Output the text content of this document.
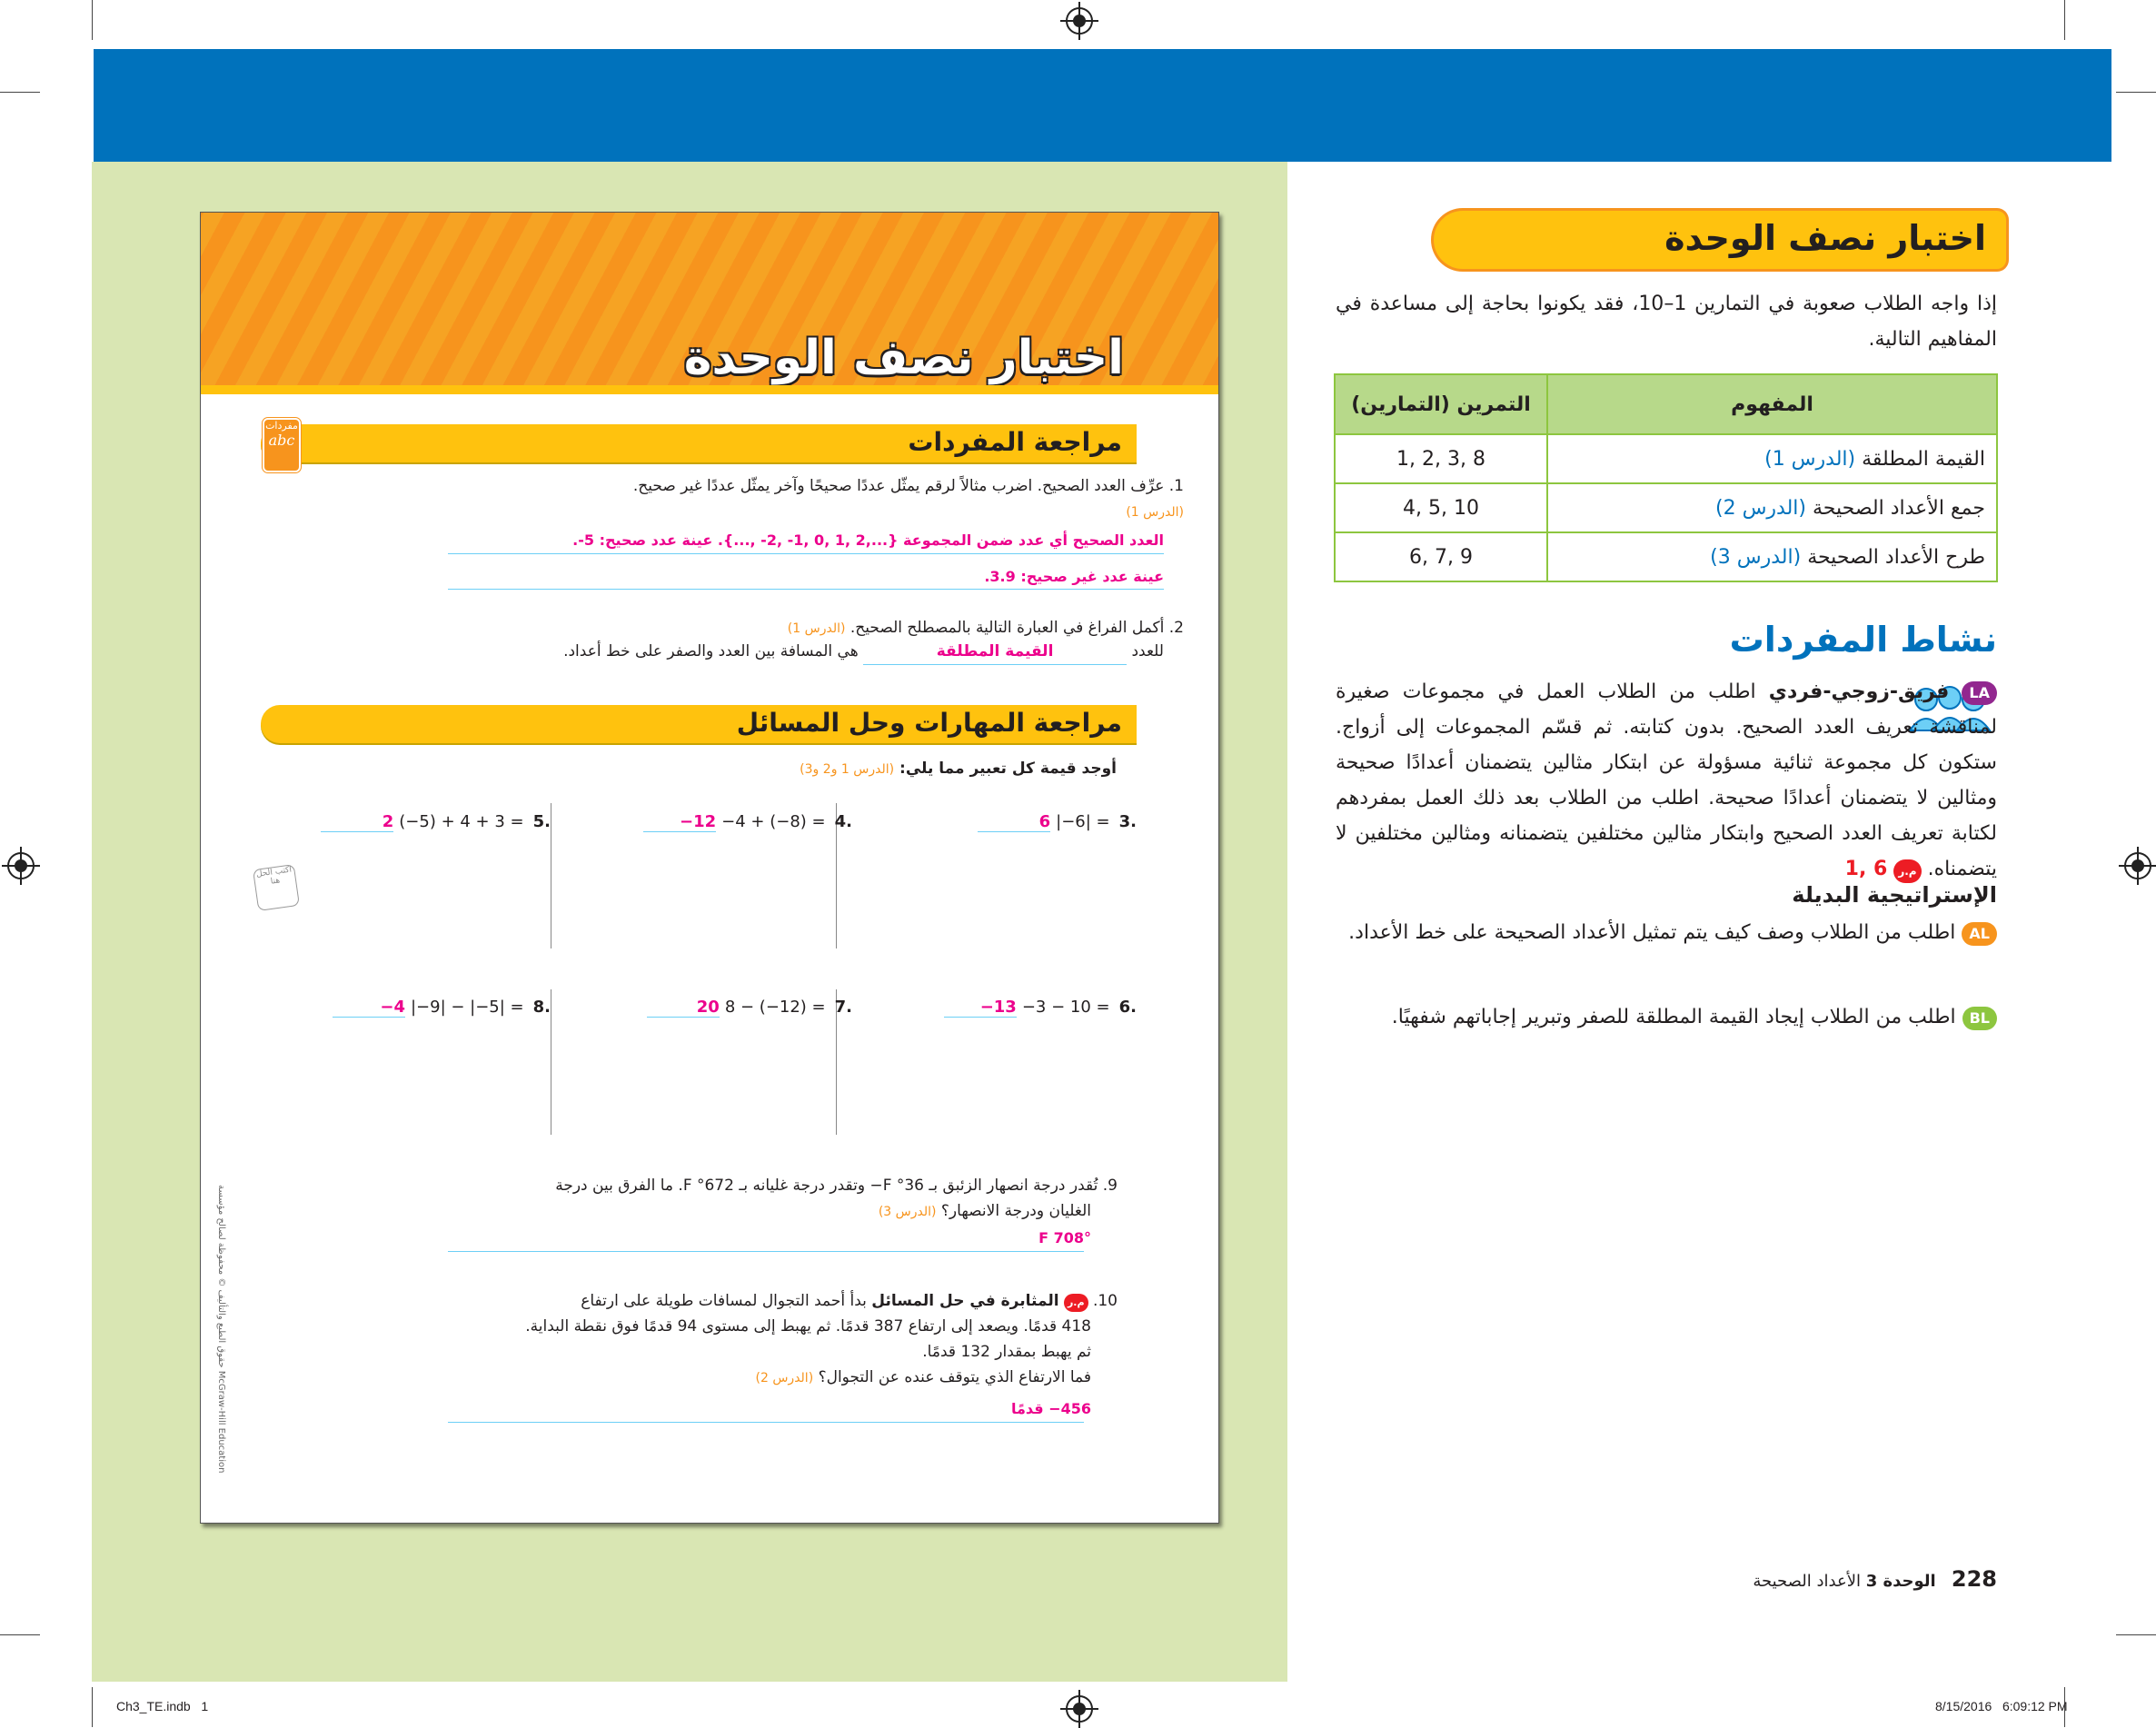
اختبار نصف الوحدة
مراجعة المفردات
مفردات
abc
1. عرِّف العدد الصحيح. اضرب مثالاً لرقم يمثّل عددًا صحيحًا وآخر يمثّل عددًا غير صحيح. (الدرس 1)
العدد الصحيح أي عدد ضمن المجموعة {...,2 ,1 ,0 ,1- ,2- ,...}. عينة عدد صحيح: 5-.
عينة عدد غير صحيح: 3.9.
2. أكمل الفراغ في العبارة التالية بالمصطلح الصحيح. (الدرس 1)
للعدد القيمة المطلقة هي المسافة بين العدد والصفر على خط أعداد.
مراجعة المهارات وحل المسائل
أوجد قيمة كل تعبير مما يلي: (الدرس 1 و2 و3)
6 |−6| = 3.
−12 −4 + (−8) = 4.
2 (−5) + 4 + 3 = 5.
−13 −3 − 10 = 6.
20 8 − (−12) = 7.
−4 |−9| − |−5| = 8.
اكتب الحل هنا
9. تُقدر درجة انصهار الزئبق بـ F °36− وتقدر درجة غليانه بـ F °672. ما الفرق بين درجة
الغليان ودرجة الانصهار؟ (الدرس 3)
708° F
10. م.ر المثابرة في حل المسائل بدأ أحمد التجوال لمسافات طويلة على ارتفاع
418 قدمًا. ويصعد إلى ارتفاع 387 قدمًا. ثم يهبط إلى مستوى 94 قدمًا فوق نقطة البداية.
ثم يهبط بمقدار 132 قدمًا.
فما الارتفاع الذي يتوقف عنده عن التجوال؟ (الدرس 2)
456− قدمًا
حقوق الطبع والتأليف © محفوظة لصالح مؤسسة McGraw-Hill Education
اختبار نصف الوحدة
إذا واجه الطلاب صعوبة في التمارين 1–10، فقد يكونوا بحاجة إلى مساعدة في المفاهيم التالية.
المفهوم	التمرين (التمارين)
القيمة المطلقة (الدرس 1)	1, 2, 3, 8
جمع الأعداد الصحيحة (الدرس 2)	4, 5, 10
طرح الأعداد الصحيحة (الدرس 3)	6, 7, 9
نشاط المفردات
LA فريق-زوجي-فردي اطلب من الطلاب العمل في مجموعات صغيرة لمناقشة تعريف العدد الصحيح. بدون كتابته. ثم قسّم المجموعات إلى أزواج. ستكون كل مجموعة ثنائية مسؤولة عن ابتكار مثالين يتضمنان أعدادًا صحيحة ومثالين لا يتضمنان أعدادًا صحيحة. اطلب من الطلاب بعد ذلك العمل بمفردهم لكتابة تعريف العدد الصحيح وابتكار مثالين مختلفين يتضمنانه ومثالين مختلفين لا يتضمناه. م.ر 1, 6
الإستراتيجية البديلة
AL اطلب من الطلاب وصف كيف يتم تمثيل الأعداد الصحيحة على خط الأعداد.
BL اطلب من الطلاب إيجاد القيمة المطلقة للصفر وتبرير إجاباتهم شفهيًا.
228   الوحدة 3 الأعداد الصحيحة
Ch3_TE.indb   1	8/15/2016   6:09:12 PM
